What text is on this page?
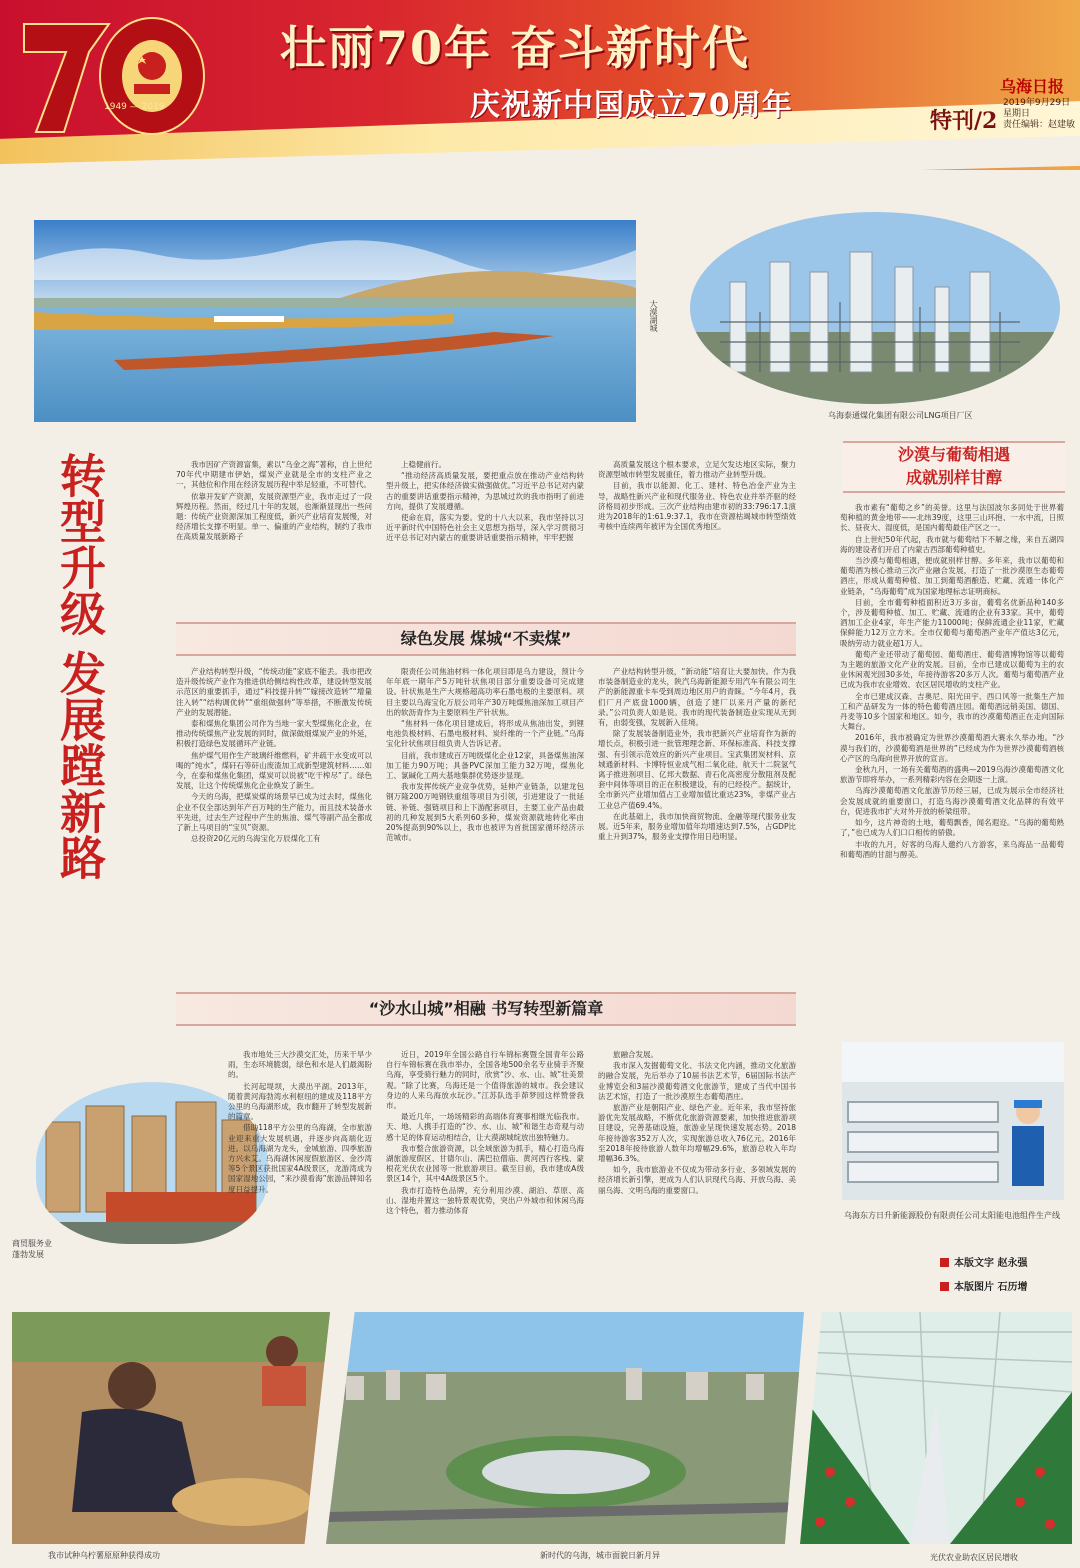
1949 — 2019
壮丽70年 奋斗新时代
庆祝新中国成立70周年
乌海日报
特刊/2
2019年9月29日
星期日
责任编辑：赵建敏
大漠湖城
乌海泰通煤化集团有限公司LNG项目厂区
转型升级
发展蹚新路

我市因矿产资源富集，素以“乌金之海”著称，自上世纪70年代中期建市伊始，煤炭产业就是全市的支柱产业之一，其他位和作用在经济发展历程中举足轻重，不可替代。

依靠开发矿产资源，发展资源型产业，我市走过了一段辉煌历程。然而，经过几十年的发展，也渐渐显现出一些问题：传统产业资源深加工程度低，新兴产业培育发展慢，对经济增长支撑不明显。单一、偏重的产业结构，制约了我市在高质量发展新路子

上稳健前行。

“推动经济高质量发展，要把重点放在推动产业结构转型升级上，把实体经济做实做强做优。”习近平总书记对内蒙古的重要讲话重要指示精神，为思城过坎的我市指明了前进方向，提供了发展遵循。

使命在肩，落实为要。党的十八大以来，我市坚持以习近平新时代中国特色社会主义思想为指导，深入学习贯彻习近平总书记对内蒙古的重要讲话重要指示精神，牢牢把握

高质量发展这个根本要求，立足欠发达地区实际，聚力资源型城市转型发展重任，着力推动产业转型升级。

目前，我市以能源、化工、建材、特色冶金产业为主导，战略性新兴产业和现代服务业、特色农业并举齐驱的经济格局初步形成。三次产业结构由建市初的33:796:17.1演进为2018年的1:61.9:37.1，我市在资源枯竭城市转型绩效考核中连续两年被评为全国优秀地区。

沙漠与葡萄相遇
成就别样甘醇

我市素有“葡萄之乡”的美誉。这里与法国波尔多同处于世界葡萄种植的黄金地带——北纬39度，这里三山环抱、一水中流，日照长、昼夜大、湿度低，是国内葡萄最佳产区之一。

自上世纪50年代起，我市就与葡萄结下不解之缘，来自五湖四海的建设者们开启了内蒙古西部葡萄种植史。

当沙漠与葡萄相遇，便成就别样甘醇。多年来，我市以葡萄和葡萄酒为核心推动三次产业融合发展，打造了一批沙漠原生态葡萄酒庄，形成从葡萄种植、加工到葡萄酒酿造、贮藏、流通一体化产业链条，“乌海葡萄”成为国家地理标志证明商标。

目前，全市葡萄种植面积近3万多亩，葡萄名优新品种140多个，涉及葡萄种植、加工、贮藏、流通的企业有33家。其中，葡萄酒加工企业4家，年生产能力11000吨；保鲜流通企业11家，贮藏保鲜能力12万立方米。全市仅葡萄与葡萄酒产业年产值达3亿元，吸纳劳动力就业超1万人。

葡萄产业还带动了葡萄园、葡萄酒庄、葡萄酒博物馆等以葡萄为主题的旅游文化产业的发展。目前，全市已建成以葡萄为主的农业休闲观光园30多处，年接待游客20多万人次。葡萄与葡萄酒产业已成为我市农业增效、农区居民增收的支柱产业。

全市已建成汉森、吉奥尼、阳光田宇、西口风等一批集生产加工和产品研发为一体的特色葡萄酒庄园。葡萄酒远销美国、德国、丹麦等10多个国家和地区。如今，我市的沙漠葡萄酒正在走向国际大舞台。

2016年，我市被确定为世界沙漠葡萄酒大赛永久举办地。“沙漠与我们的，沙漠葡萄酒是世界的”已经成为作为世界沙漠葡萄酒核心产区的乌海向世界开放的宣言。

金秋九月，一场有关葡萄酒的盛典—2019乌海沙漠葡萄酒文化旅游节即将举办，一系列精彩内容在会期逐一上演。

乌海沙漠葡萄酒文化旅游节历经三届，已成为展示全市经济社会发展成就的重要窗口，打造乌海沙漠葡萄酒文化品牌的有效平台，促进我市扩大对外开放的桥梁纽带。

如今，这片神奇的土地，葡萄飘香，闻名遐迩。“乌海的葡萄熟了，”也已成为人们口口相传的骄傲。

丰收的九月，好客的乌海人邀约八方游客，来乌海品一品葡萄和葡萄酒的甘甜与醇美。

绿色发展 煤城“不卖煤”

产业结构转型升级，“传统动能”家底不能丢。我市把改造升级传统产业作为推进供给侧结构性改革，建设转型发展示范区的重要抓手，通过“科技提升转”“嫁接改造转”“增量注入转”“结构调优转”“重组做强转”等举措，不断激发传统产业的发展潜能。

泰和煤焦化集团公司作为当地一家大型煤焦化企业，在推动传统煤焦产业发展的同时，做深做细煤炭产业的外延，积极打造绿色发展循环产业链。

焦炉煤气用作生产玻璃纤维燃料，矿井疏干水变成可以喝的“纯水”，煤矸石等矸山废渣加工成新型建筑材料……如今，在泰和煤焦化集团，煤炭可以说被“吃干榨尽”了。绿色发展，让这个传统煤焦化企业焕发了新生。

今天的乌海，把煤炭煤的场景早已成为过去时，煤焦化企业不仅全部达到年产百万吨的生产能力，而且技术装备水平先进，过去生产过程中产生的焦油、煤气等副产品全都成了新上马项目的“宝贝”资源。

总投资20亿元的乌海宝化万辰煤化工有

限责任公司焦油材料一体化项目即是乌力建设，预计今年年底一期年产5万吨针状焦项目部分重要设备可完成建设。针状焦是生产大规格超高功率石墨电极的主要原料。项目主要以乌海宝化万辰公司年产30万吨煤焦油深加工项目产出的软沥青作为主要原料生产针状焦。

“焦材料一体化项目建成后，将形成从焦油出发，到锂电池负极材料、石墨电极材料、炭纤维的一个产业链。”乌海宝化针状焦项目组负责人告诉记者。

目前，我市建成百万吨级煤化企业12家，具备煤焦油深加工能力90万吨；具备PVC深加工能力32万吨，煤焦化工、氯碱化工两大基地集群优势逐步显现。

我市发挥传统产业竞争优势，延伸产业链条，以建龙包钢万隆200万吨钢铁重组等项目为引领，引进建设了一批延链、补链、强链项目和上下游配套项目，主要工业产品由最初的几种发展到5大系列60多种，煤炭资源就地转化率由20%提高到90%以上，我市也被评为首批国家循环经济示范城市。

产业结构转型升级，“新动能”培育让大要加快。作为我市装备制造业的龙头，陕汽乌海新能源专用汽车有限公司生产的新能源重卡车受到周边地区用户的青睐。“今年4月，我们厂月产底盘1000辆，创造了建厂以来月产量的新纪录。”公司负责人如是说。我市的现代装备制造业实现从无到有，由弱变强，发展新入佳境。

除了发展装备制造业外，我市把新兴产业培育作为新的增长点，积极引进一批管理理念新、环保标准高、科技支撑强、有引领示范效应的新兴产业项目。宝武集团炭材料、京城通新材料、卡博特恒业成气相二氧化硅、航天十二院氢气离子推进剂项目、亿邦大数据、青石化高密度分散阻剂及配套中间体等项目的正在积极建设，有的已经投产。据统计，全市新兴产业增加值占工业增加值比重达23%，非煤产业占工业总产值69.4%。

在此基础上，我市加快商贸物流、金融等现代服务业发展。近5年来，服务业增加值年均增速达到7.5%，占GDP比重上升到37%，服务业支撑作用日趋明显。

“沙水山城”相融 书写转型新篇章
商贸服务业蓬勃发展

我市地处三大沙漠交汇处，历来干旱少雨，生态环境脆弱，绿色和水是人们最渴盼的。

长河起堤坝，大漠出平湖。2013年，随着黄河海勃湾水利枢纽的建成及118平方公里的乌海湖形成，我市翻开了转型发展新的篇章。

借助118平方公里的乌海湖，全市旅游业迎来重大发展机遇，并逐步向高端化迈进。以乌海湖为龙头，金城旅游、四季旅游方兴未艾。乌海湖休闲度假旅游区、金沙湾等5个景区获批国家4A级景区，龙游湾成为国家湿地公园，“来沙漠看海”旅游品牌知名度日益提升。

近日，2019年全国公路自行车锦标赛暨全国青年公路自行车锦标赛在我市举办，全国各地500余名专业骑手齐聚乌海，享受骑行魅力的同时，欣赏“沙、水、山、城”壮美景观。“除了比赛，乌海还是一个值得旅游的城市。我会建议身边的人来乌海放水玩沙。”江苏队选手茆梦园这样赞誉我市。

最近几年，一场场精彩的高端体育赛事相继光临我市。天、地、人携手打造的“沙、水、山、城”和谐生态奇观与动感十足的体育运动相结合，让大漠湖城绽放出独特魅力。

我市整合旅游资源，以全域旅游为抓手，精心打造乌海湖旅游度假区、甘德尔山、满巴拉僧庙、黄河西行客栈、蒙根花光伏农业园等一批旅游项目。截至目前，我市建成A级景区14个，其中4A级景区5个。

我市打造特色品牌，充分利用沙漠、湖泊、草原、高山、湿地并置这一独特景观优势，突出户外城市和休闲乌海这个特色，着力推动体育

旅融合发展。

我市深入发掘葡萄文化、书法文化内涵，推动文化旅游的融合发展，先后举办了10届书法艺术节，6届国际书法产业博览会和3届沙漠葡萄酒文化旅游节，建成了当代中国书法艺术馆，打造了一批沙漠原生态葡萄酒庄。

旅游产业是朝阳产业、绿色产业。近年来，我市坚持旅游优先发展战略，不断优化旅游资源要素，加快推进旅游项目建设，完善基础设施，旅游业呈现快速发展态势。2018年接待游客352万人次，实现旅游总收入76亿元。2016年至2018年接待旅游人数年均增幅29.6%，旅游总收入年均增幅36.3%。

如今，我市旅游业不仅成为带动多行业、多领域发展的经济增长新引擎，更成为人们认识现代乌海、开放乌海、美丽乌海、文明乌海的重要窗口。

乌海东方日升新能源股份有限责任公司太阳能电池组件生产线
本版文字 赵永强
本版图片 石历增
我市试种乌柠薯原原种获得成功	新时代的乌海，城市面貌日新月异	光伏农业助农区居民增收
